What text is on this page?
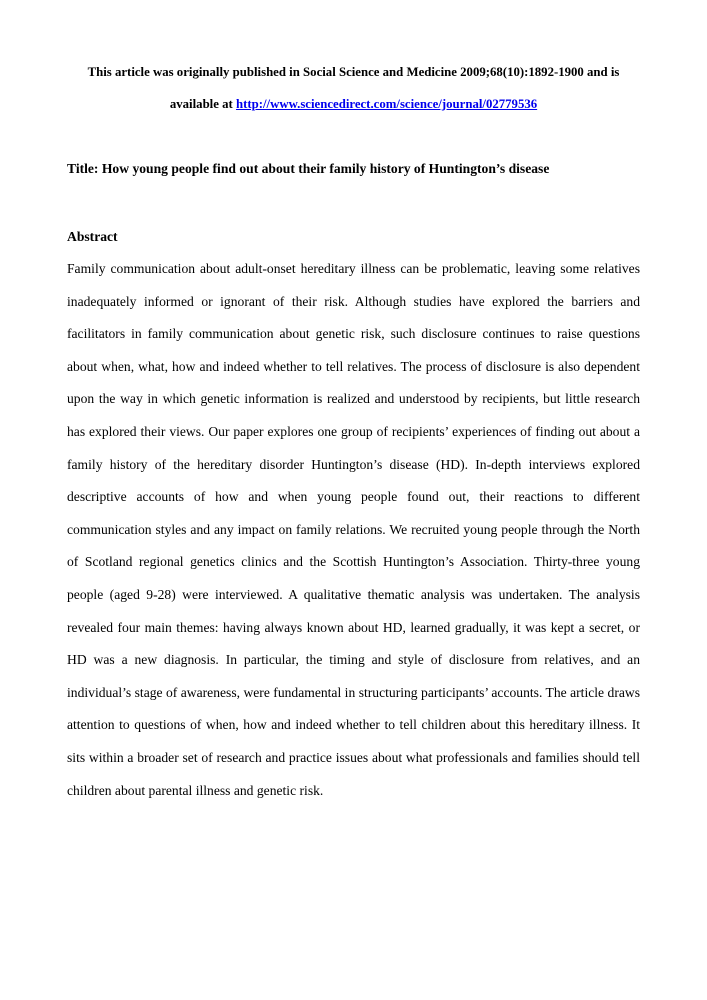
This article was originally published in Social Science and Medicine 2009;68(10):1892-1900 and is
available at http://www.sciencedirect.com/science/journal/02779536

Title: How young people find out about their family history of Huntington’s disease

Abstract

Family communication about adult-onset hereditary illness can be problematic, leaving some relatives inadequately informed or ignorant of their risk. Although studies have explored the barriers and facilitators in family communication about genetic risk, such disclosure continues to raise questions about when, what, how and indeed whether to tell relatives. The process of disclosure is also dependent upon the way in which genetic information is realized and understood by recipients, but little research has explored their views. Our paper explores one group of recipients’ experiences of finding out about a family history of the hereditary disorder Huntington’s disease (HD). In-depth interviews explored descriptive accounts of how and when young people found out, their reactions to different communication styles and any impact on family relations. We recruited young people through the North of Scotland regional genetics clinics and the Scottish Huntington’s Association. Thirty-three young people (aged 9-28) were interviewed. A qualitative thematic analysis was undertaken. The analysis revealed four main themes: having always known about HD, learned gradually, it was kept a secret, or HD was a new diagnosis. In particular, the timing and style of disclosure from relatives, and an individual’s stage of awareness, were fundamental in structuring participants’ accounts. The article draws attention to questions of when, how and indeed whether to tell children about this hereditary illness. It sits within a broader set of research and practice issues about what professionals and families should tell children about parental illness and genetic risk.
